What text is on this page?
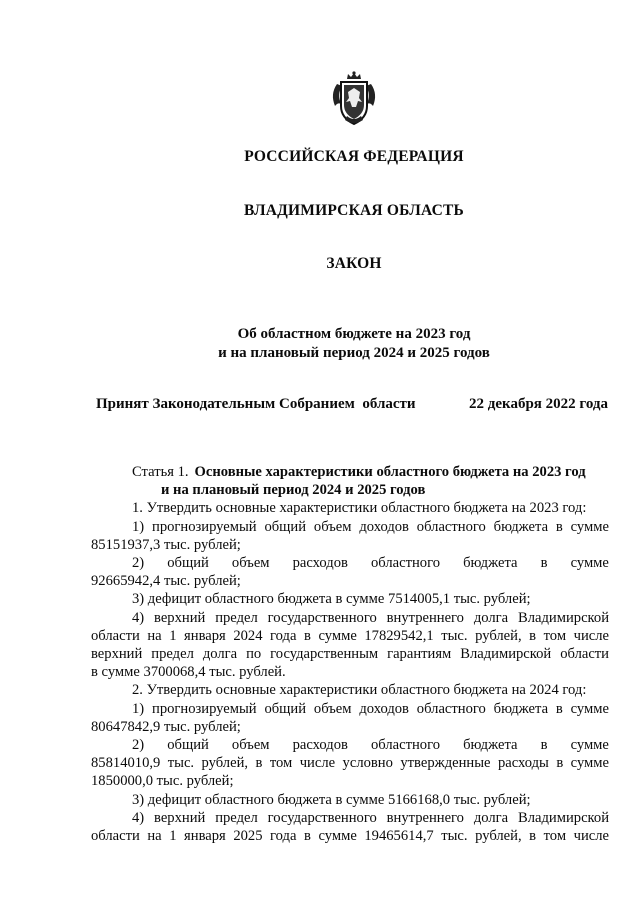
РОССИЙСКАЯ ФЕДЕРАЦИЯ
ВЛАДИМИРСКАЯ ОБЛАСТЬ
ЗАКОН
Об областном бюджете на 2023 год
и на плановый период 2024 и 2025 годов
Принят Законодательным Собранием  области	22 декабря 2022 года
Статья 1. Основные характеристики областного бюджета на 2023 год
и на плановый период 2024 и 2025 годов
1. Утвердить основные характеристики областного бюджета на 2023 год:
1) прогнозируемый общий объем доходов областного бюджета в сумме
85151937,3 тыс. рублей;
2) общий объем расходов областного бюджета в сумме
92665942,4 тыс. рублей;
3) дефицит областного бюджета в сумме 7514005,1 тыс. рублей;
4) верхний предел государственного внутреннего долга Владимирской
области на 1 января 2024 года в сумме 17829542,1 тыс. рублей, в том числе
верхний предел долга по государственным гарантиям Владимирской области
в сумме 3700068,4 тыс. рублей.
2. Утвердить основные характеристики областного бюджета на 2024 год:
1) прогнозируемый общий объем доходов областного бюджета в сумме
80647842,9 тыс. рублей;
2) общий объем расходов областного бюджета в сумме
85814010,9 тыс. рублей, в том числе условно утвержденные расходы в сумме
1850000,0 тыс. рублей;
3) дефицит областного бюджета в сумме 5166168,0 тыс. рублей;
4) верхний предел государственного внутреннего долга Владимирской
области на 1 января 2025 года в сумме 19465614,7 тыс. рублей, в том числе
